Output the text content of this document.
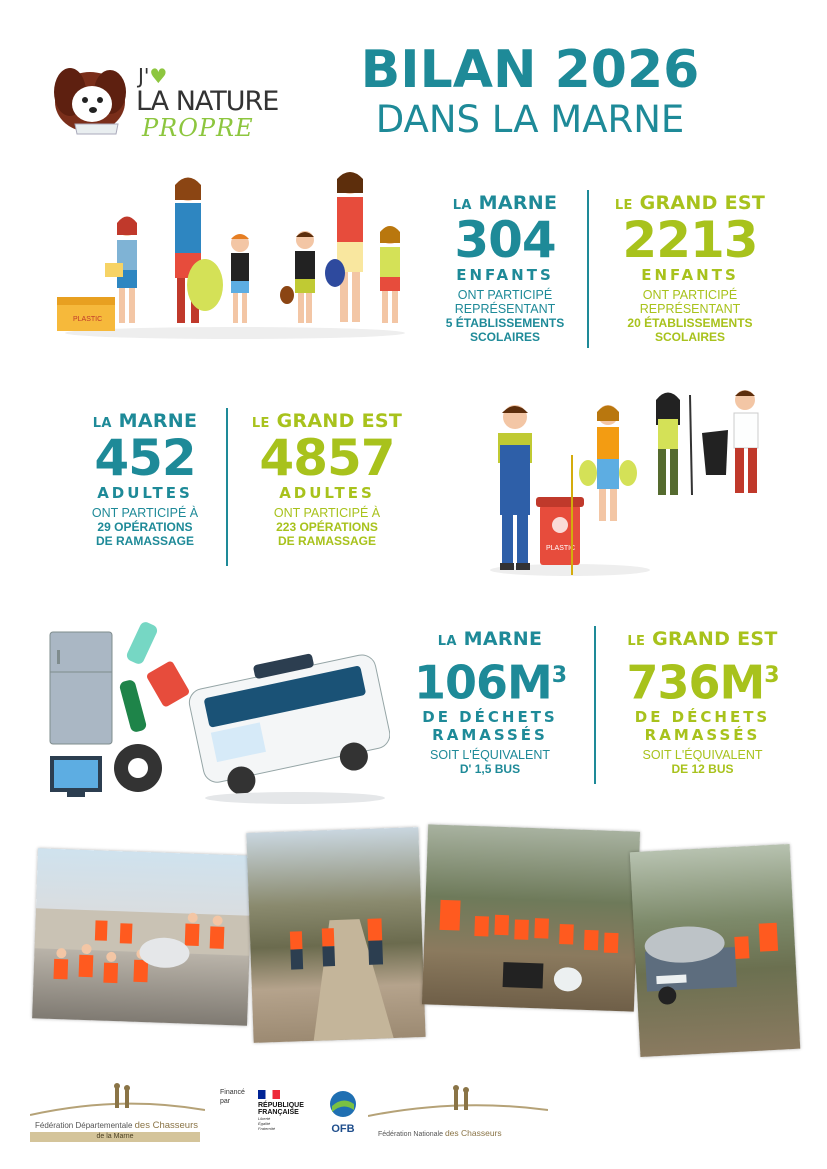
J'♥
LA NATURE
PROPRE
BILAN 2026
DANS LA MARNE
PLASTIC
LA MARNE
304
ENFANTS
ONT PARTICIPÉ
REPRÉSENTANT
5 ÉTABLISSEMENTS
SCOLAIRES
LE GRAND EST
2213
ENFANTS
ONT PARTICIPÉ
REPRÉSENTANT
20 ÉTABLISSEMENTS
SCOLAIRES
LA MARNE
452
ADULTES
ONT PARTICIPÉ À
29 OPÉRATIONS
DE RAMASSAGE
LE GRAND EST
4857
ADULTES
ONT PARTICIPÉ À
223 OPÉRATIONS
DE RAMASSAGE
PLASTIC
LA MARNE
$106M^3$
DE DÉCHETS
RAMASSÉS
SOIT L'ÉQUIVALENT
D' 1,5 BUS
LE GRAND EST
$736M^3$
DE DÉCHETS
RAMASSÉS
SOIT L'ÉQUIVALENT
DE 12 BUS
Fédération Départementale des Chasseurs
de la Marne
Financé
par
RÉPUBLIQUE
FRANÇAISE
Liberté Égalité Fraternité	OFB	Fédération Nationale des Chasseurs
